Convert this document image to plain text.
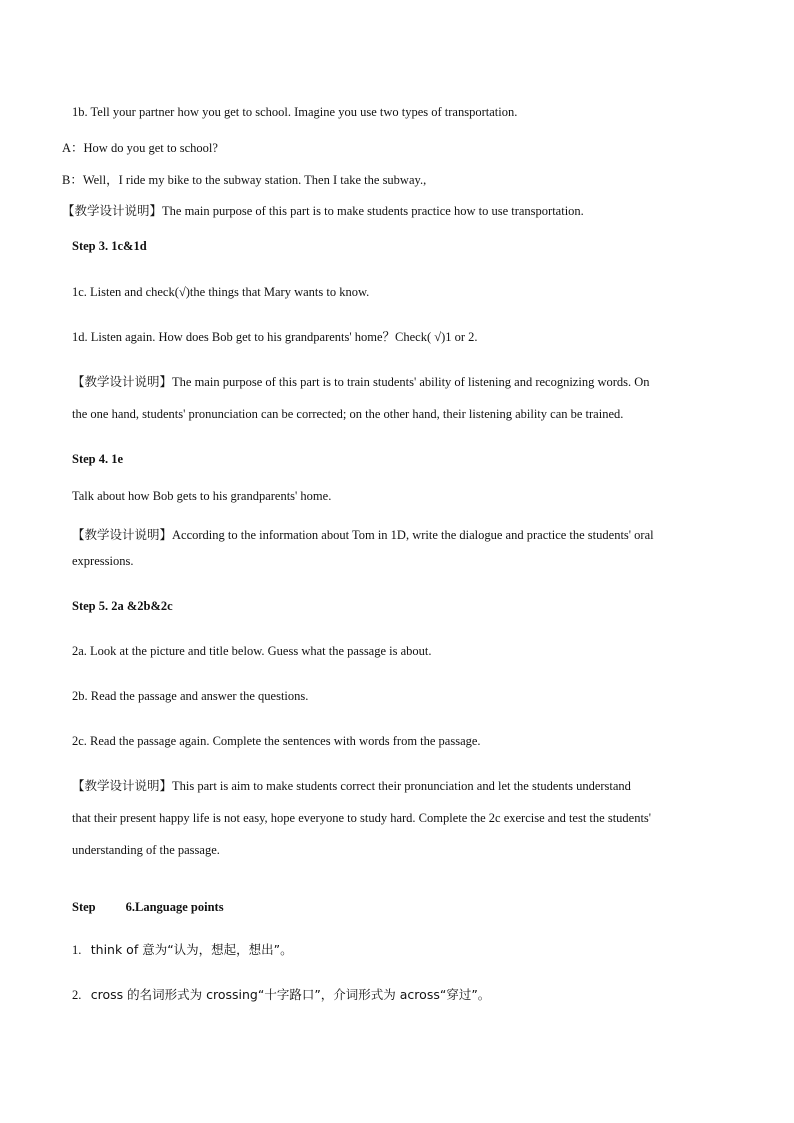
1b. Tell your partner how you get to school. Imagine you use two types of transportation.
A：How do you get to school?
B：Well，I ride my bike to the subway station. Then I take the subway.,
【教学设计说明】The main purpose of this part is to make students practice how to use transportation.
Step 3. 1c&1d
1c. Listen and check(√)the things that Mary wants to know.
1d. Listen again. How does Bob get to his grandparents' home？Check( √)1 or 2.
【教学设计说明】The main purpose of this part is to train students' ability of listening and recognizing words. On
the one hand, students' pronunciation can be corrected; on the other hand, their listening ability can be trained.
Step 4. 1e
Talk about how Bob gets to his grandparents' home.
【教学设计说明】According to the information about Tom in 1D, write the dialogue and practice the students' oral
expressions.
Step 5. 2a &2b&2c
2a. Look at the picture and title below. Guess what the passage is about.
2b. Read the passage and answer the questions.
2c. Read the passage again. Complete the sentences with words from the passage.
【教学设计说明】This part is aim to make students correct their pronunciation and let the students understand
that their present happy life is not easy, hope everyone to study hard. Complete the 2c exercise and test the students'
understanding of the passage.
Step 6.Language points
1. think of 意为“认为，想起，想出”。
2. cross 的名词形式为 crossing“十字路口”，介词形式为 across“穿过”。
